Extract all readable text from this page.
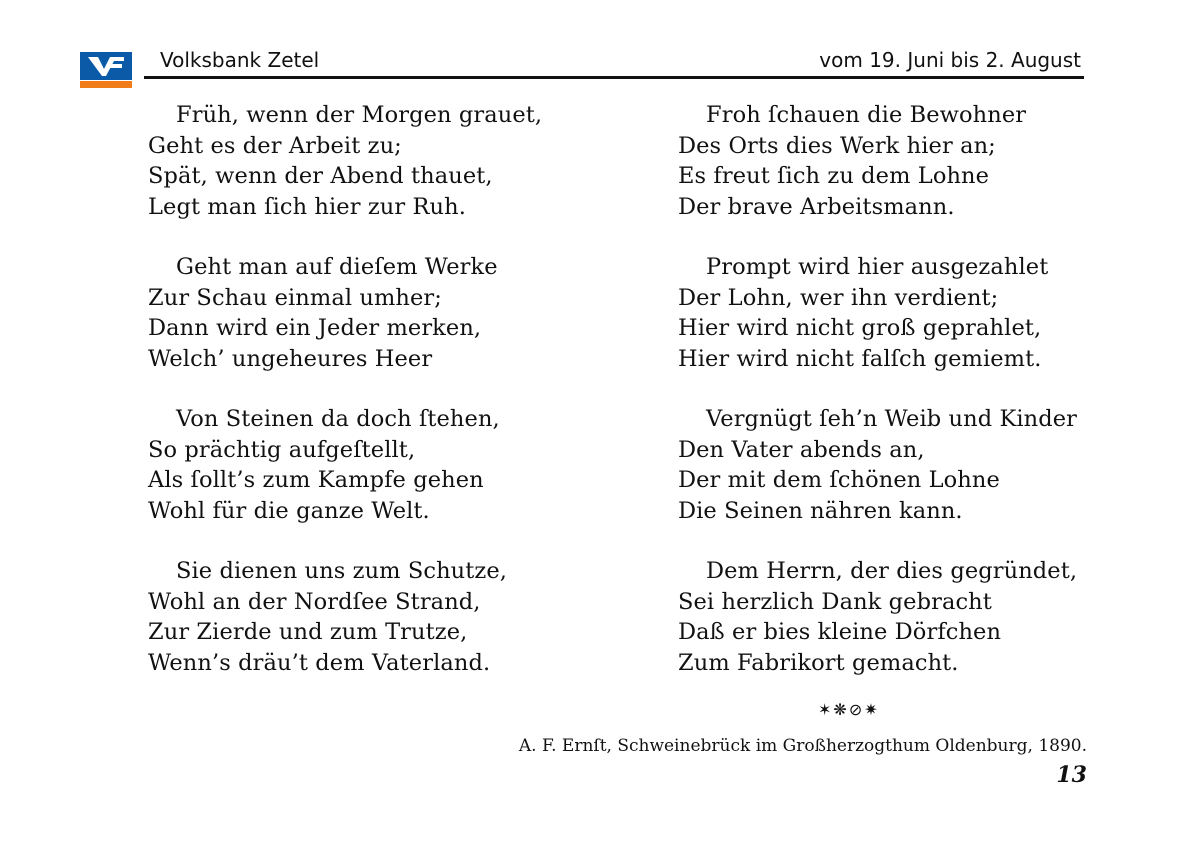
Volksbank Zetel	vom 19. Juni bis 2. August
Früh, wenn der Morgen grauet,
Geht es der Arbeit zu;
Spät, wenn der Abend thauet,
Legt man ſich hier zur Ruh.
Geht man auf dieſem Werke
Zur Schau einmal umher;
Dann wird ein Jeder merken,
Welch’ ungeheures Heer
Von Steinen da doch ſtehen,
So prächtig aufgeſtellt,
Als ſollt’s zum Kampfe gehen
Wohl für die ganze Welt.
Sie dienen uns zum Schutze,
Wohl an der Nordſee Strand,
Zur Zierde und zum Trutze,
Wenn’s dräu’t dem Vaterland.
Froh ſchauen die Bewohner
Des Orts dies Werk hier an;
Es freut ſich zu dem Lohne
Der brave Arbeitsmann.
Prompt wird hier ausgezahlet
Der Lohn, wer ihn verdient;
Hier wird nicht groß geprahlet,
Hier wird nicht falſch gemiemt.
Vergnügt ſeh’n Weib und Kinder
Den Vater abends an,
Der mit dem ſchönen Lohne
Die Seinen nähren kann.
Dem Herrn, der dies gegründet,
Sei herzlich Dank gebracht
Daß er bies kleine Dörfchen
Zum Fabrikort gemacht.
✶❋⊘✷
A. F. Ernſt, Schweinebrück im Großherzogthum Oldenburg, 1890.
13
